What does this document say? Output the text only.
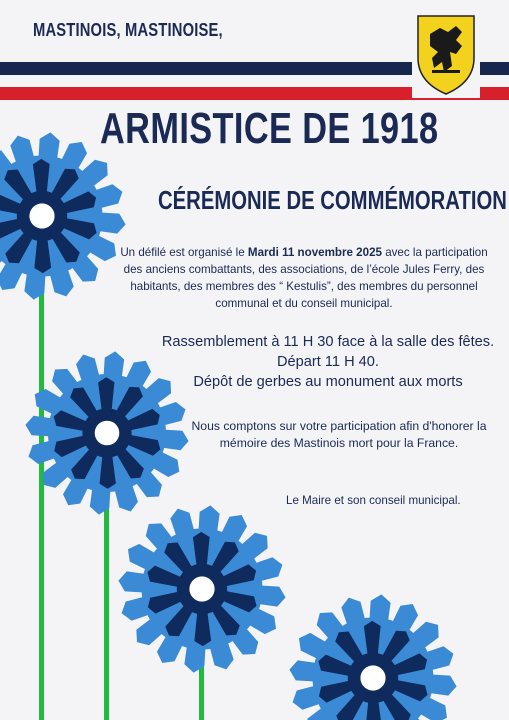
MASTINOIS, MASTINOISE,
ARMISTICE DE 1918
CÉRÉMONIE DE COMMÉMORATION
Un défilé est organisé le Mardi 11 novembre 2025 avec la participation des anciens combattants, des associations, de l’école Jules Ferry, des habitants, des membres des “ Kestulis”, des membres du personnel communal et du conseil municipal.
Rassemblement à 11 H 30 face à la salle des fêtes.
Départ 11 H 40.
Dépôt de gerbes au monument aux morts
Nous comptons sur votre participation afin d'honorer la mémoire des Mastinois mort pour la France.
Le Maire et son conseil municipal.
